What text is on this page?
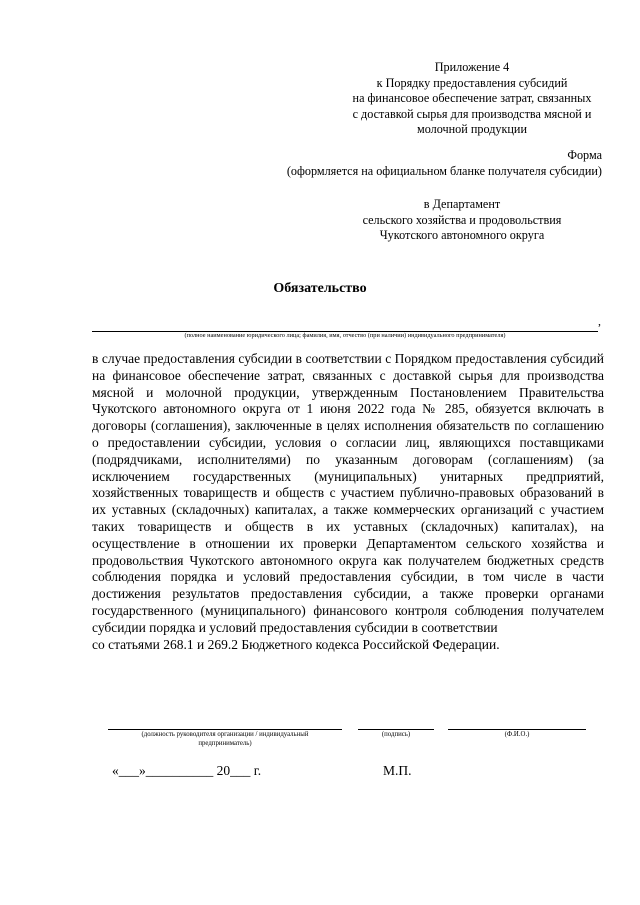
Приложение 4
к Порядку предоставления субсидий
на финансовое обеспечение затрат, связанных
с доставкой сырья для производства мясной и
молочной продукции
Форма
(оформляется на официальном бланке получателя субсидии)
в Департамент
сельского хозяйства и продовольствия
Чукотского автономного округа
Обязательство
,
(полное наименование юридического лица; фамилия, имя, отчество (при наличии) индивидуального предпринимателя)

в случае предоставления субсидии в соответствии с Порядком предоставления субсидий на финансовое обеспечение затрат, связанных с доставкой сырья для производства мясной и молочной продукции, утвержденным Постановлением Правительства Чукотского автономного округа от 1 июня 2022 года № 285, обязуется включать в договоры (соглашения), заключенные в целях исполнения обязательств по соглашению о предоставлении субсидии, условия о согласии лиц, являющихся поставщиками (подрядчиками, исполнителями) по указанным договорам (соглашениям) (за исключением государственных (муниципальных) унитарных предприятий, хозяйственных товариществ и обществ с участием публично-правовых образований в их уставных (складочных) капиталах, а также коммерческих организаций с участием таких товариществ и обществ в их уставных (складочных) капиталах), на осуществление в отношении их проверки Департаментом сельского хозяйства и продовольствия Чукотского автономного округа как получателем бюджетных средств соблюдения порядка и условий предоставления субсидии, в том числе в части достижения результатов предоставления субсидии, а также проверки органами государственного (муниципального) финансового контроля соблюдения получателем субсидии порядка и условий предоставления субсидии в соответствии

со статьями 268.1 и 269.2 Бюджетного кодекса Российской Федерации.

(должность руководителя организации / индивидуальный
предприниматель)
(подпись)	(Ф.И.О.)
«___»__________ 20___ г.	М.П.
